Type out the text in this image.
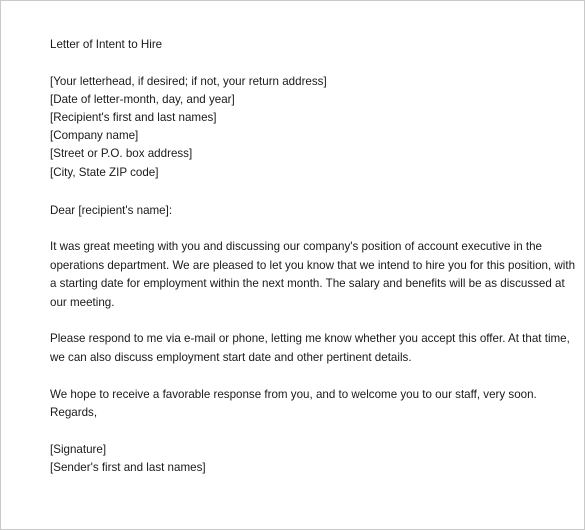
Letter of Intent to Hire
[Your letterhead, if desired; if not, your return address]
[Date of letter-month, day, and year]
[Recipient's first and last names]
[Company name]
[Street or P.O. box address]
[City, State ZIP code]
Dear [recipient's name]:
It was great meeting with you and discussing our company's position of account executive in the
operations department. We are pleased to let you know that we intend to hire you for this position, with
a starting date for employment within the next month. The salary and benefits will be as discussed at
our meeting.
Please respond to me via e-mail or phone, letting me know whether you accept this offer. At that time,
we can also discuss employment start date and other pertinent details.
We hope to receive a favorable response from you, and to welcome you to our staff, very soon.
Regards,
[Signature]
[Sender's first and last names]
